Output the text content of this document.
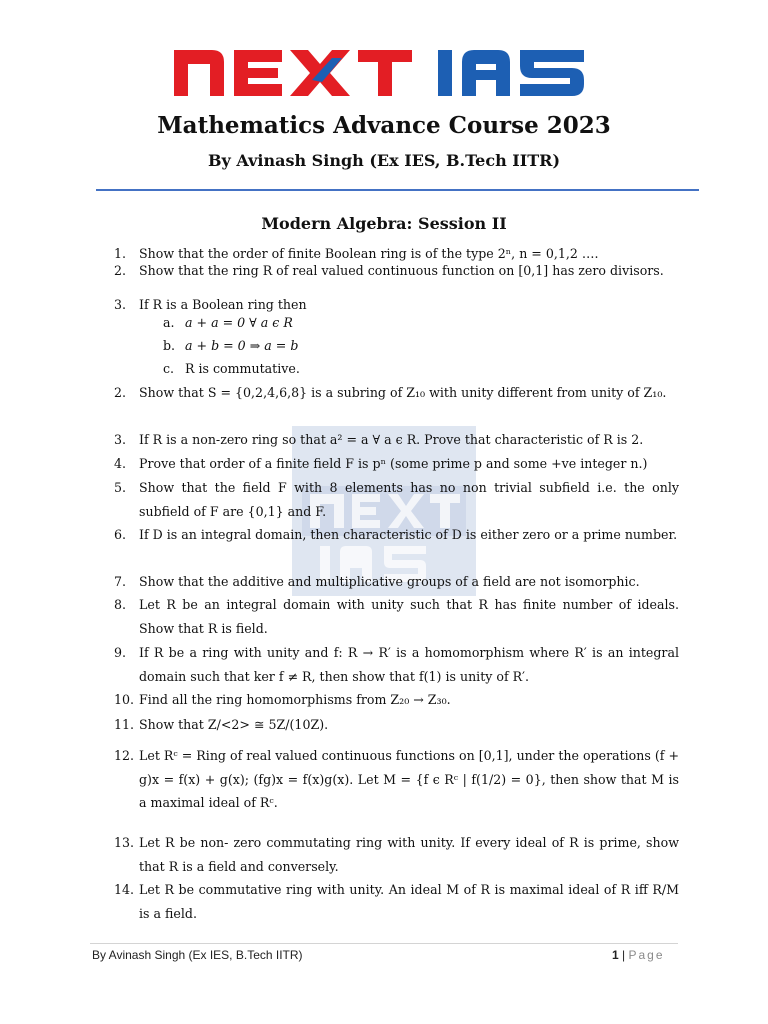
Mathematics Advance Course 2023
By Avinash Singh (Ex IES, B.Tech IITR)
Modern Algebra: Session II
1.	Show that the order of finite Boolean ring is of the type 2ⁿ, n = 0,1,2 ….
2.	Show that the ring R of real valued continuous function on [0,1] has zero divisors.
3.	If R is a Boolean ring then
a. a + a = 0 ∀ a ϵ R
b. a + b = 0 ⇒ a = b
c. R is commutative.
2.	Show that S = {0,2,4,6,8} is a subring of Z₁₀ with unity different from unity of Z₁₀.
3.	If R is a non-zero ring so that a² = a ∀ a ϵ R. Prove that characteristic of R is 2.
4.	Prove that order of a finite field F is pⁿ (some prime p and some +ve integer n.)
5.	Show that the field F with 8 elements has no non trivial subfield i.e. the only subfield of F are {0,1} and F.
6.	If D is an integral domain, then characteristic of D is either zero or a prime number.
7.	Show that the additive and multiplicative groups of a field are not isomorphic.
8.	Let R be an integral domain with unity such that R has finite number of ideals. Show that R is field.
9.	If R be a ring with unity and f: R → R′ is a homomorphism where R′ is an integral domain such that ker f ≠ R, then show that f(1) is unity of R′.
10. Find all the ring homomorphisms from Z₂₀ → Z₃₀.
11. Show that Z/<2> ≅ 5Z/(10Z).
12. Let Rᶜ = Ring of real valued continuous functions on [0,1], under the operations (f + g)x = f(x) + g(x); (fg)x = f(x)g(x). Let M = {f ϵ Rᶜ | f(1/2) = 0}, then show that M is a maximal ideal of Rᶜ.
13. Let R be non- zero commutating ring with unity. If every ideal of R is prime, show that R is a field and conversely.
14. Let R be commutative ring with unity. An ideal M of R is maximal ideal of R iff R/M is a field.
By Avinash Singh (Ex IES, B.Tech IITR)	1 | Page
